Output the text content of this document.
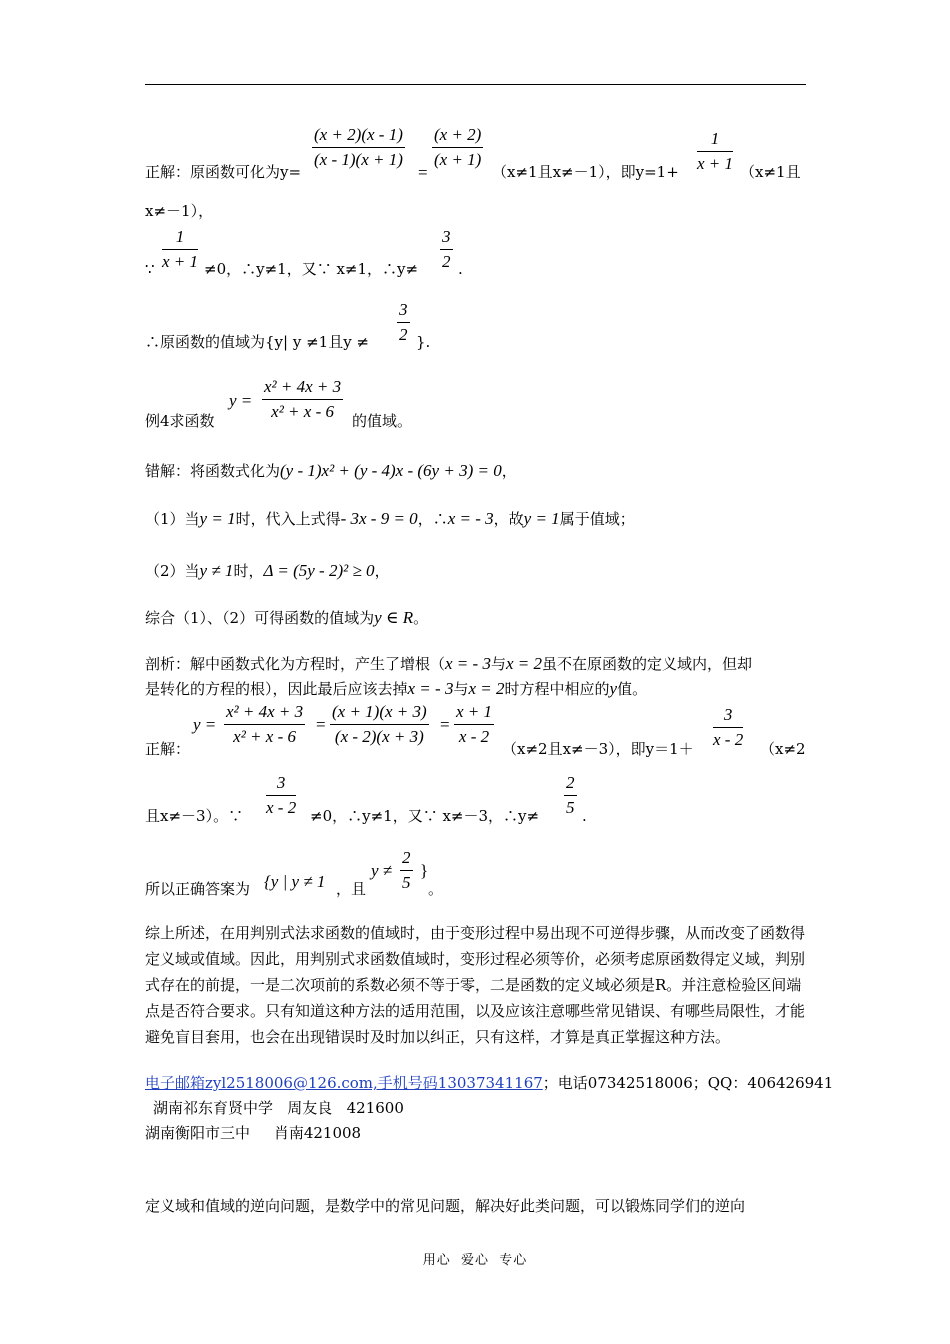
正解：原函数可化为y=
$\frac{(x + 2)(x - 1)}{(x - 1)(x + 1)}$
=
$\frac{(x + 2)}{(x + 1)}$
（x≠1且x≠－1），即$y=1+ \frac{1}{x + 1} (x\ne 1$且
x≠－1），
∵ $\frac{1}{x + 1} \ne 0$，∴y≠1，又∵ x≠1，∴y≠ $\frac{3}{2}$ .
∴原函数的值域为{y| y ≠1且$y \ne \frac{3}{2}$ }.
例4求函数
$y = \frac{\text{x² + 4x + 3}}{\text{x² + x - 6}}$ 的值域。
错解：将函数式化为(y - 1)x² + (y - 4)x - (6y + 3) = 0，
（1）当y = 1时，代入上式得- 3x - 9 = 0，∴x = - 3，故y = 1属于值域；
（2）当y ≠ 1时，Δ = (5y - 2)² ≥ 0，
综合（1）、（2）可得函数的值域为y ∈ R。
剖析：解中函数式化为方程时，产生了增根（x = - 3与x = 2虽不在原函数的定义域内，但却
是转化的方程的根），因此最后应该去掉x = - 3与x = 2时方程中相应的y值。
正解：
$y = \frac{\text{x² + 4x + 3}}{\text{x² + x - 6}} = \frac{(x + 1)(x + 3)}{(x - 2)(x + 3)} = \frac{x + 1}{x - 2}$
（x≠2且x≠－3），即$y=1+ \frac{3}{x - 2} (x\ne 2$
且x≠－3）。∵ $\frac{3}{x - 2} \ne 0$，∴y≠1，又∵ x≠－3，∴y≠ $\frac{2}{5}$ .
所以正确答案为 {y | y ≠ 1 ，且
$y \ne \frac{2}{5}$ }
。
综上所述，在用判别式法求函数的值域时，由于变形过程中易出现不可逆得步骤，从而改变了函数得定义域或值域。因此，用判别式求函数值域时，变形过程必须等价，必须考虑原函数得定义域，判别式存在的前提，一是二次项前的系数必须不等于零，二是函数的定义域必须是R。并注意检验区间端点是否符合要求。只有知道这种方法的适用范围，以及应该注意哪些常见错误、有哪些局限性，才能避免盲目套用，也会在出现错误时及时加以纠正，只有这样，才算是真正掌握这种方法。
电子邮箱zyl2518006@126.com,手机号码13037341167；电话07342518006；QQ：406426941
湖南祁东育贤中学   周友良   421600
湖南衡阳市三中     肖南421008
定义域和值域的逆向问题，是数学中的常见问题，解决好此类问题，可以锻炼同学们的逆向
用心  爱心  专心
